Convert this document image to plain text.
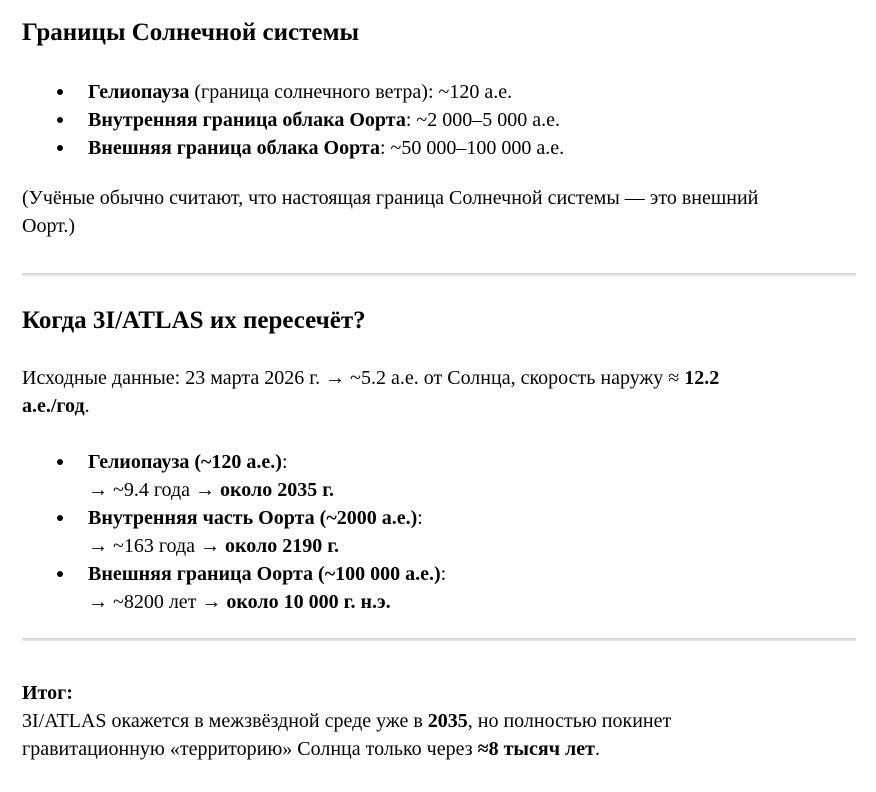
Границы Солнечной системы
Гелиопауза (граница солнечного ветра): ~120 а.е.
Внутренняя граница облака Оорта: ~2 000–5 000 а.е.
Внешняя граница облака Оорта: ~50 000–100 000 а.е.

(Учёные обычно считают, что настоящая граница Солнечной системы — это внешний
Оорт.)

Когда 3I/ATLAS их пересечёт?

Исходные данные: 23 марта 2026 г. → ~5.2 а.е. от Солнца, скорость наружу ≈ 12.2
а.е./год.

Гелиопауза (~120 а.е.):
→ ~9.4 года → около 2035 г.
Внутренняя часть Оорта (~2000 а.е.):
→ ~163 года → около 2190 г.
Внешняя граница Оорта (~100 000 а.е.):
→ ~8200 лет → около 10 000 г. н.э.

Итог:
3I/ATLAS окажется в межзвёздной среде уже в 2035, но полностью покинет
гравитационную «территорию» Солнца только через ≈8 тысяч лет.
